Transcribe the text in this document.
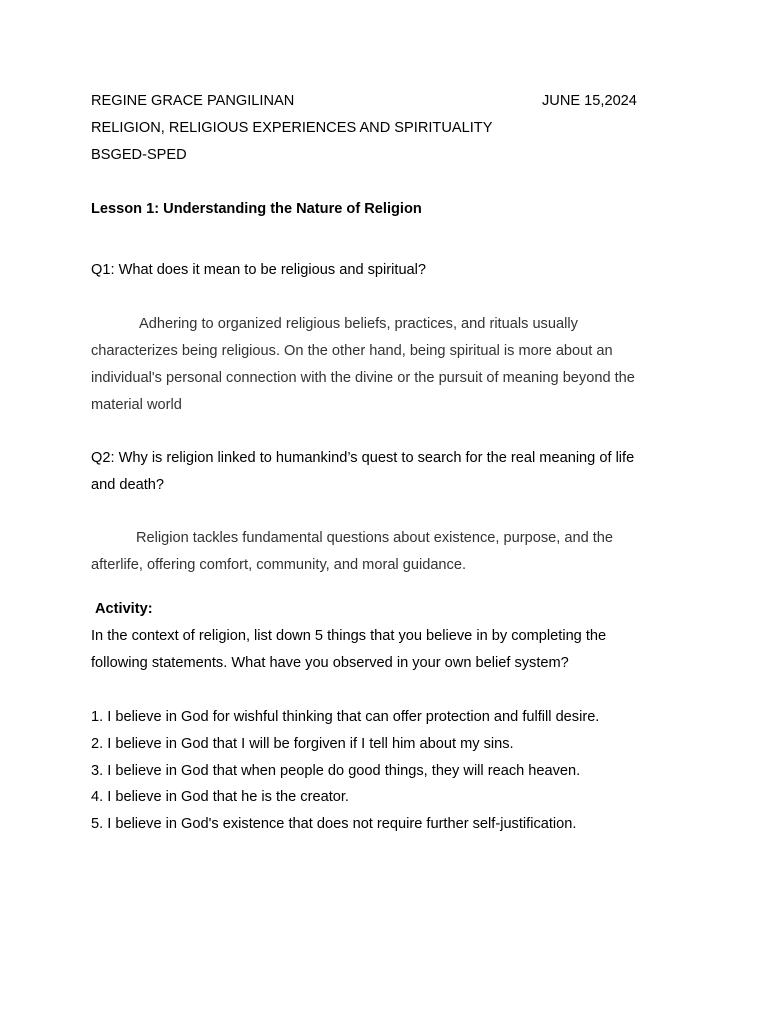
REGINE GRACE PANGILINAN	JUNE 15,2024
RELIGION, RELIGIOUS EXPERIENCES AND SPIRITUALITY
BSGED-SPED
Lesson 1: Understanding the Nature of Religion
Q1: What does it mean to be religious and spiritual?
Adhering to organized religious beliefs, practices, and rituals usually
characterizes being religious. On the other hand, being spiritual is more about an
individual's personal connection with the divine or the pursuit of meaning beyond the
material world
Q2: Why is religion linked to humankind’s quest to search for the real meaning of life
and death?
Religion tackles fundamental questions about existence, purpose, and the
afterlife, offering comfort, community, and moral guidance.
Activity:
In the context of religion, list down 5 things that you believe in by completing the
following statements. What have you observed in your own belief system?
1. I believe in God for wishful thinking that can offer protection and fulfill desire.
2. I believe in God that I will be forgiven if I tell him about my sins.
3. I believe in God that when people do good things, they will reach heaven.
4. I believe in God that he is the creator.
5. I believe in God's existence that does not require further self-justification.
